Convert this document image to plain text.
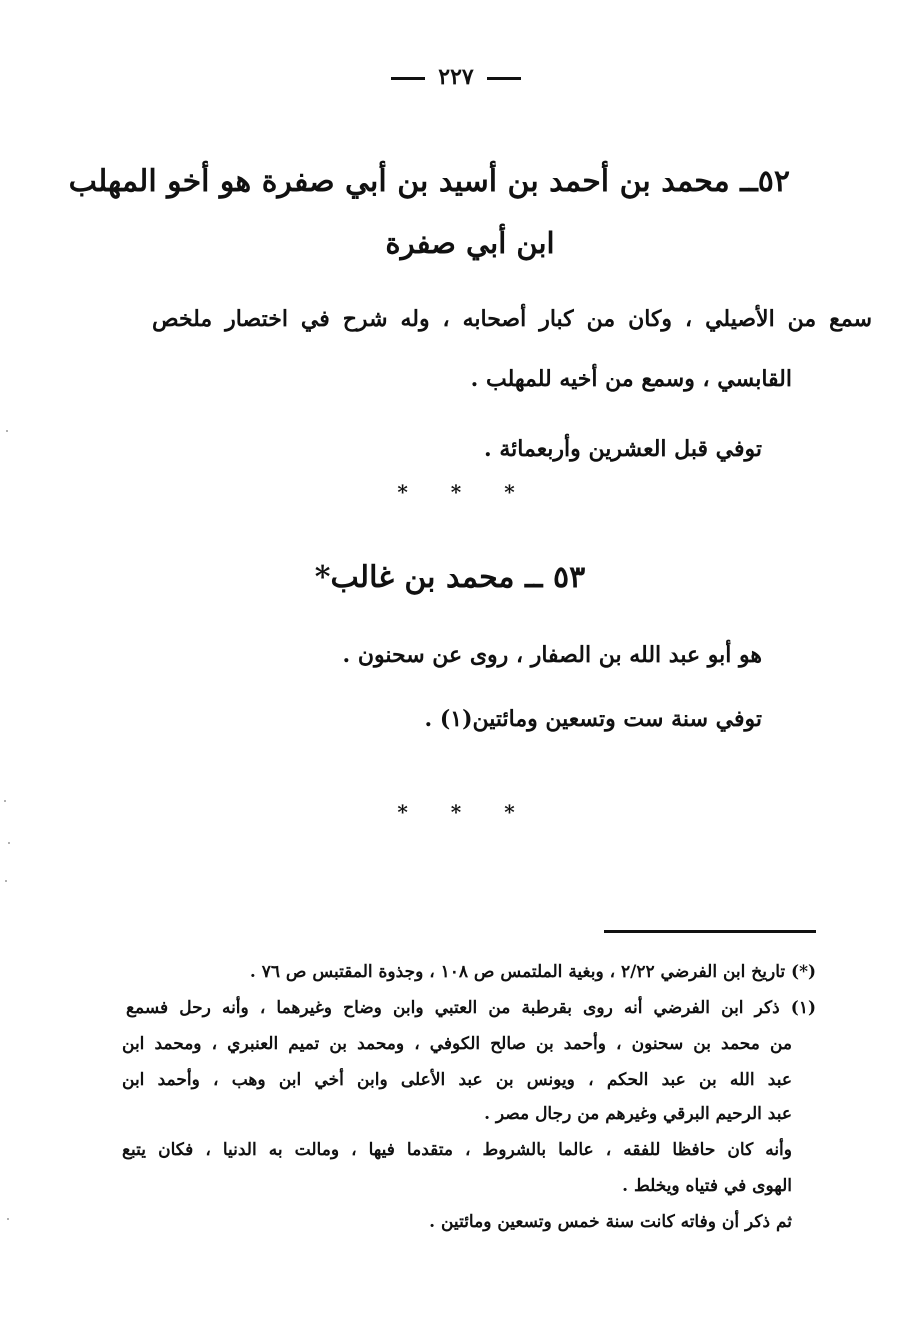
٢٢٧
٥٢ــ محمد بن أحمد بن أسيد بن أبي صفرة هو أخو المهلب
ابن أبي صفرة
سمع من الأصيلي ، وكان من كبار أصحابه ، وله شرح في اختصار ملخص
القابسي ، وسمع من أخيه للمهلب .
توفي قبل العشرين وأربعمائة .
* * *
٥٣ ــ محمد بن غالب*
هو أبو عبد الله بن الصفار ، روى عن سحنون .
توفي سنة ست وتسعين ومائتين(١) .
* * *
(*) تاريخ ابن الفرضي ٢/٢٢ ، وبغية الملتمس ص ١٠٨ ، وجذوة المقتبس ص ٧٦ .
(١) ذكر ابن الفرضي أنه روى بقرطبة من العتبي وابن وضاح وغيرهما ، وأنه رحل فسمع
من محمد بن سحنون ، وأحمد بن صالح الكوفي ، ومحمد بن تميم العنبري ، ومحمد ابن
عبد الله بن عبد الحكم ، ويونس بن عبد الأعلى وابن أخي ابن وهب ، وأحمد ابن
عبد الرحيم البرقي وغيرهم من رجال مصر .
وأنه كان حافظا للفقه ، عالما بالشروط ، متقدما فيها ، ومالت به الدنيا ، فكان يتبع
الهوى في فتياه ويخلط .
ثم ذكر أن وفاته كانت سنة خمس وتسعين ومائتين .
